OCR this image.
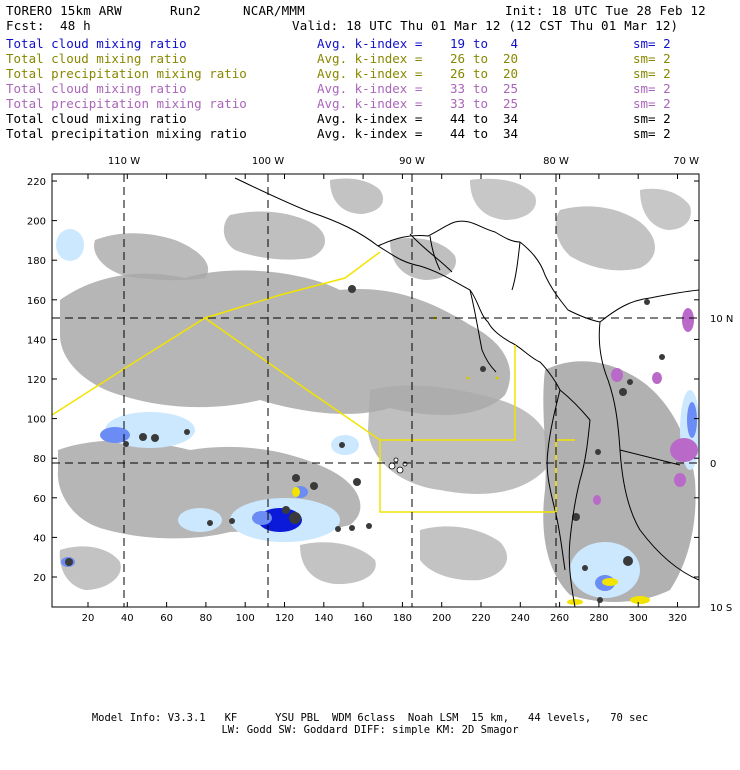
TORERO 15km ARW	Run2	NCAR/MMM	Init: 18 UTC Tue 28 Feb 12
Fcst: 48 h	Valid: 18 UTC Thu 01 Mar 12 (12 CST Thu 01 Mar 12)
Total cloud mixing ratio	Avg. k-index =	19 to	4	sm= 2
Total cloud mixing ratio	Avg. k-index =	26 to	20	sm= 2
Total precipitation mixing ratio	Avg. k-index =	26 to	20	sm= 2
Total cloud mixing ratio	Avg. k-index =	33 to	25	sm= 2
Total precipitation mixing ratio	Avg. k-index =	33 to	25	sm= 2
Total cloud mixing ratio	Avg. k-index =	44 to	34	sm= 2
Total precipitation mixing ratio	Avg. k-index =	44 to	34	sm= 2
110 W	100 W	90 W	80 W	70 W
10 N
0
10 S
220
200
180
160
140
120
100
80
60
40
20
20	40	60	80 100 120 140 160 180 200 220 240 260 280 300 320
Model Info: V3.3.1   KF      YSU PBL  WDM 6class  Noah LSM  15 km,   44 levels,   70 sec
LW: Godd SW: Goddard DIFF: simple KM: 2D Smagor
